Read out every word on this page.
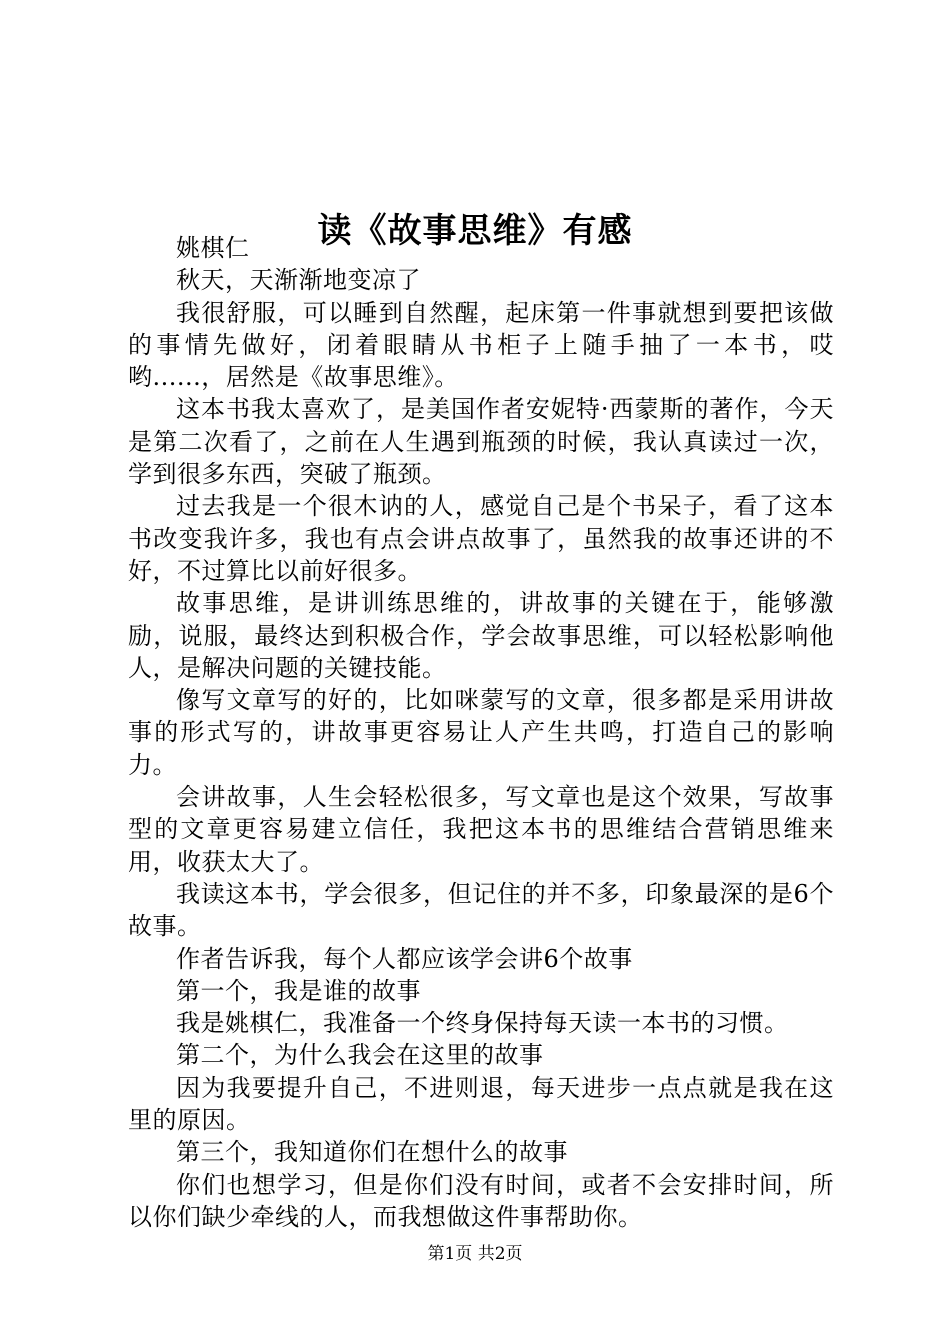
读《故事思维》有感

姚棋仁

秋天，天渐渐地变凉了

我很舒服，可以睡到自然醒，起床第一件事就想到要把该做的事情先做好，闭着眼睛从书柜子上随手抽了一本书，哎哟......，居然是《故事思维》。

这本书我太喜欢了，是美国作者安妮特·西蒙斯的著作，今天是第二次看了，之前在人生遇到瓶颈的时候，我认真读过一次，学到很多东西，突破了瓶颈。

过去我是一个很木讷的人，感觉自己是个书呆子，看了这本书改变我许多，我也有点会讲点故事了，虽然我的故事还讲的不好，不过算比以前好很多。

故事思维，是讲训练思维的，讲故事的关键在于，能够激励，说服，最终达到积极合作，学会故事思维，可以轻松影响他人，是解决问题的关键技能。

像写文章写的好的，比如咪蒙写的文章，很多都是采用讲故事的形式写的，讲故事更容易让人产生共鸣，打造自己的影响力。

会讲故事，人生会轻松很多，写文章也是这个效果，写故事型的文章更容易建立信任，我把这本书的思维结合营销思维来用，收获太大了。

我读这本书，学会很多，但记住的并不多，印象最深的是6个故事。

作者告诉我，每个人都应该学会讲6个故事

第一个，我是谁的故事

我是姚棋仁，我准备一个终身保持每天读一本书的习惯。

第二个，为什么我会在这里的故事

因为我要提升自己，不进则退，每天进步一点点就是我在这里的原因。

第三个，我知道你们在想什么的故事

你们也想学习，但是你们没有时间，或者不会安排时间，所以你们缺少牵线的人，而我想做这件事帮助你。

第1页 共2页
